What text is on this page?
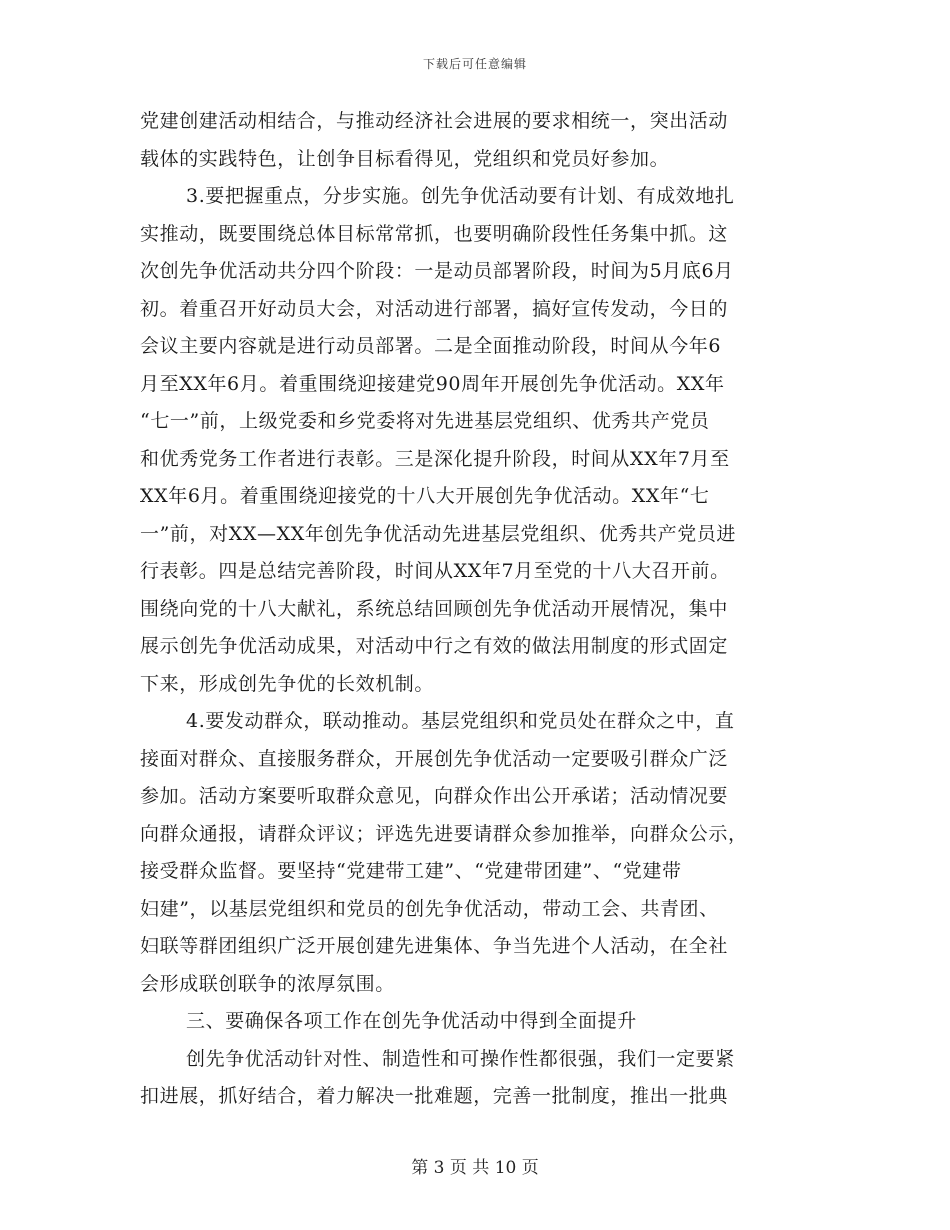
下载后可任意编辑
党建创建活动相结合，与推动经济社会进展的要求相统一，突出活动
载体的实践特色，让创争目标看得见，党组织和党员好参加。
3.要把握重点，分步实施。创先争优活动要有计划、有成效地扎
实推动，既要围绕总体目标常常抓，也要明确阶段性任务集中抓。这
次创先争优活动共分四个阶段：一是动员部署阶段，时间为5月底6月
初。着重召开好动员大会，对活动进行部署，搞好宣传发动，今日的
会议主要内容就是进行动员部署。二是全面推动阶段，时间从今年6
月至XX年6月。着重围绕迎接建党90周年开展创先争优活动。XX年
“七一”前，上级党委和乡党委将对先进基层党组织、优秀共产党员
和优秀党务工作者进行表彰。三是深化提升阶段，时间从XX年7月至
XX年6月。着重围绕迎接党的十八大开展创先争优活动。XX年“七
一”前，对XX—XX年创先争优活动先进基层党组织、优秀共产党员进
行表彰。四是总结完善阶段，时间从XX年7月至党的十八大召开前。
围绕向党的十八大献礼，系统总结回顾创先争优活动开展情况，集中
展示创先争优活动成果，对活动中行之有效的做法用制度的形式固定
下来，形成创先争优的长效机制。
4.要发动群众，联动推动。基层党组织和党员处在群众之中，直
接面对群众、直接服务群众，开展创先争优活动一定要吸引群众广泛
参加。活动方案要听取群众意见，向群众作出公开承诺；活动情况要
向群众通报，请群众评议；评选先进要请群众参加推举，向群众公示，
接受群众监督。要坚持“党建带工建”、“党建带团建”、“党建带
妇建”，以基层党组织和党员的创先争优活动，带动工会、共青团、
妇联等群团组织广泛开展创建先进集体、争当先进个人活动，在全社
会形成联创联争的浓厚氛围。
三、要确保各项工作在创先争优活动中得到全面提升
创先争优活动针对性、制造性和可操作性都很强，我们一定要紧
扣进展，抓好结合，着力解决一批难题，完善一批制度，推出一批典
第 3 页 共 10 页
